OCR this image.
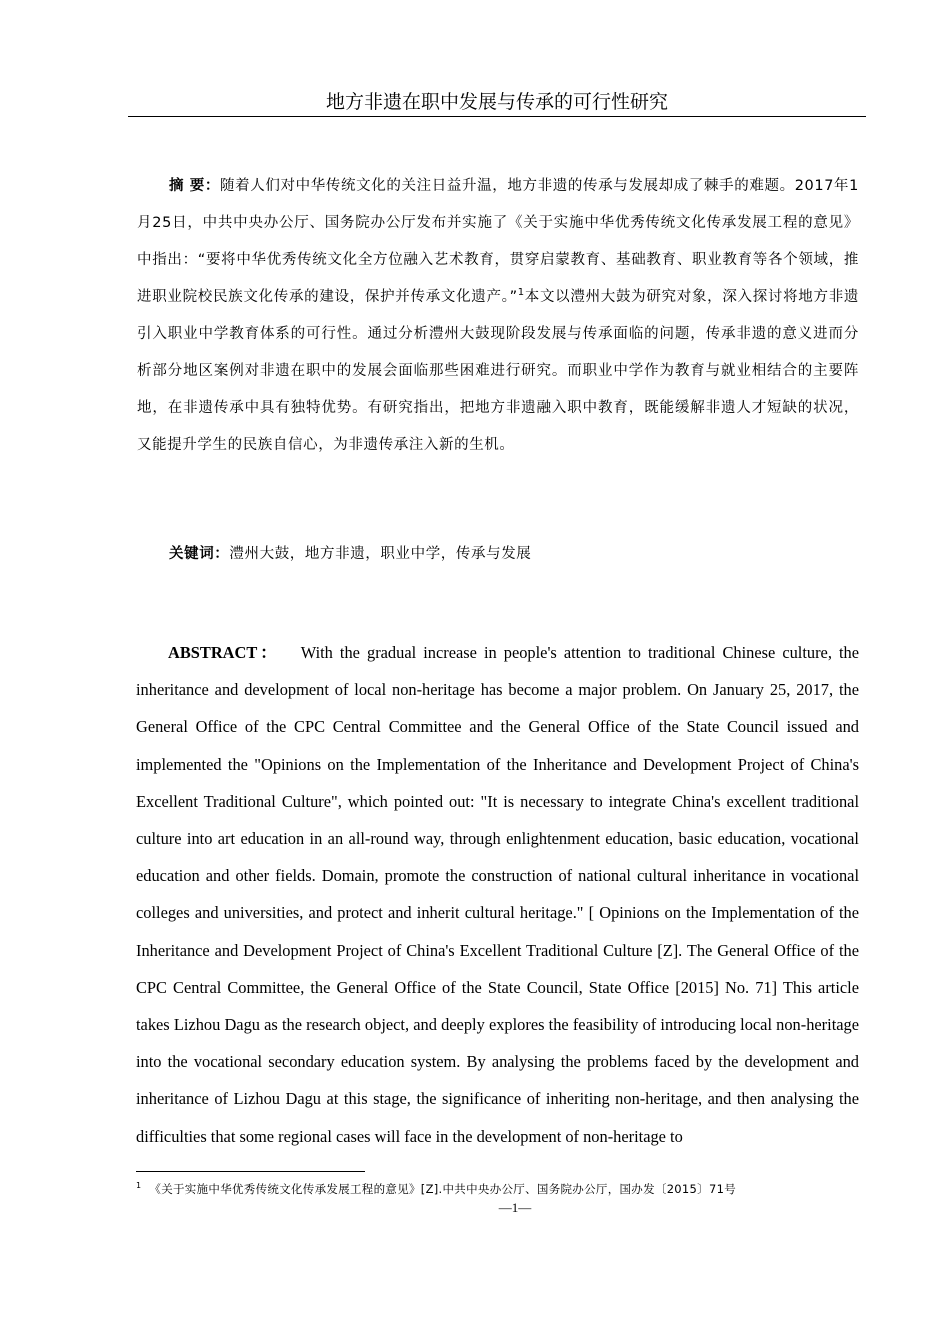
地方非遗在职中发展与传承的可行性研究
摘 要：随着人们对中华传统文化的关注日益升温，地方非遗的传承与发展却成了棘手的难题。2017年1月25日，中共中央办公厅、国务院办公厅发布并实施了《关于实施中华优秀传统文化传承发展工程的意见》 中指出：“要将中华优秀传统文化全方位融入艺术教育，贯穿启蒙教育、基础教育、职业教育等各个领域，推进职业院校民族文化传承的建设，保护并传承文化遗产。”$^1$本文以澧州大鼓为研究对象，深入探讨将地方非遗引入职业中学教育体系的可行性。通过分析澧州大鼓现阶段发展与传承面临的问题，传承非遗的意义进而分析部分地区案例对非遗在职中的发展会面临那些困难进行研究。而职业中学作为教育与就业相结合的主要阵地，在非遗传承中具有独特优势。有研究指出，把地方非遗融入职中教育，既能缓解非遗人才短缺的状况，又能提升学生的民族自信心，为非遗传承注入新的生机。
关键词：澧州大鼓，地方非遗，职业中学，传承与发展
ABSTRACT： With the gradual increase in people's attention to traditional Chinese culture, the inheritance and development of local non-heritage has become a major problem. On January 25, 2017, the General Office of the CPC Central Committee and the General Office of the State Council issued and implemented the "Opinions on the Implementation of the Inheritance and Development Project of China's Excellent Traditional Culture", which pointed out: "It is necessary to integrate China's excellent traditional culture into art education in an all-round way, through enlightenment education, basic education, vocational education and other fields. Domain, promote the construction of national cultural inheritance in vocational colleges and universities, and protect and inherit cultural heritage." [ Opinions on the Implementation of the Inheritance and Development Project of China's Excellent Traditional Culture [Z]. The General Office of the CPC Central Committee, the General Office of the State Council, State Office [2015] No. 71] This article takes Lizhou Dagu as the research object, and deeply explores the feasibility of introducing local non-heritage into the vocational secondary education system. By analysing the problems faced by the development and inheritance of Lizhou Dagu at this stage, the significance of inheriting non-heritage, and then analysing the difficulties that some regional cases will face in the development of non-heritage to
$^1$ 《关于实施中华优秀传统文化传承发展工程的意见》[Z].中共中央办公厅、国务院办公厅，国办发〔2015〕71号
—1—
